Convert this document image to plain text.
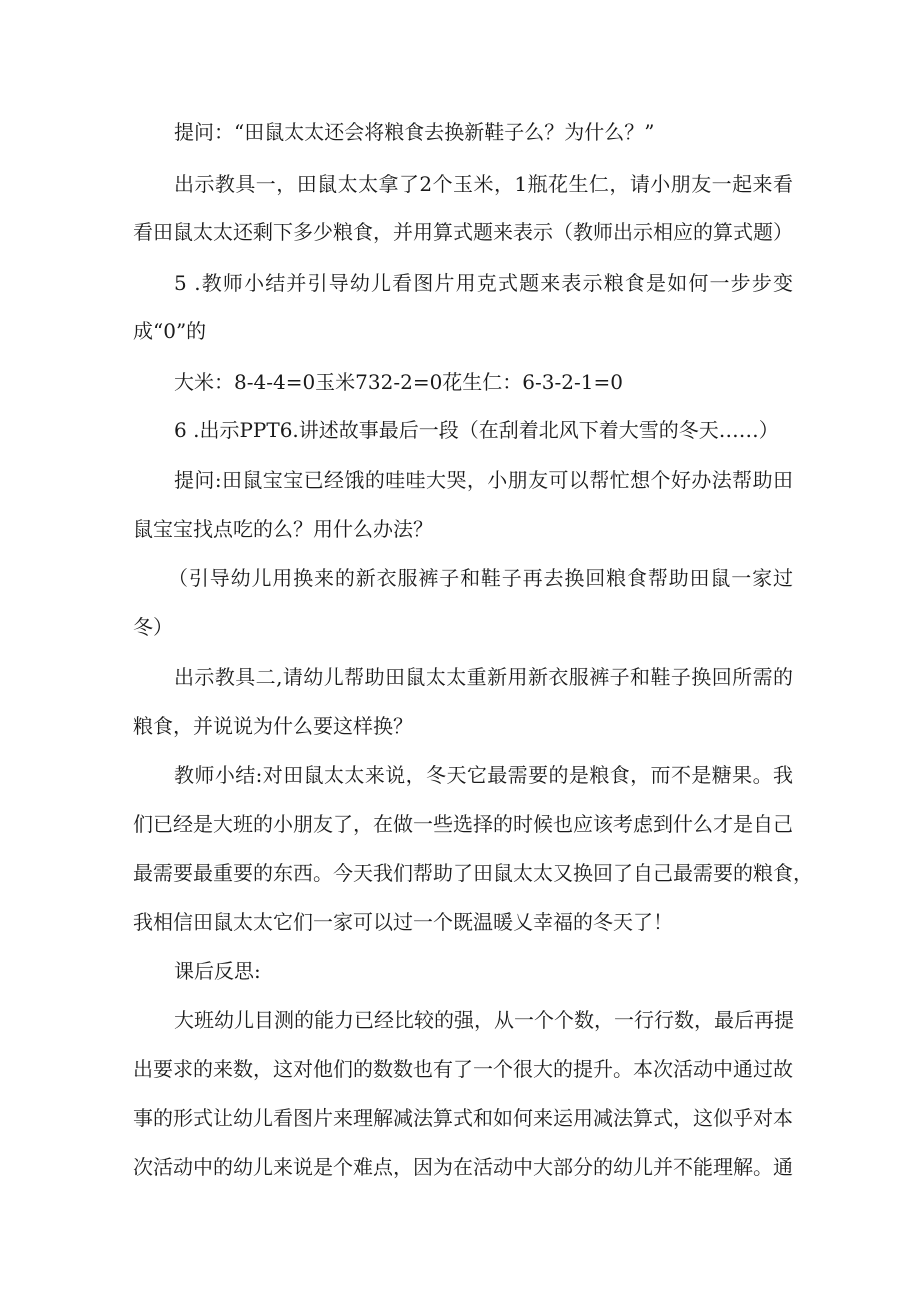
提问：“田鼠太太还会将粮食去换新鞋子么？为什么？”
出示教具一，田鼠太太拿了2个玉米，1瓶花生仁，请小朋友一起来看
看田鼠太太还剩下多少粮食，并用算式题来表示（教师出示相应的算式题）
5 .教师小结并引导幼儿看图片用克式题来表示粮食是如何一步步变
成“0”的
大米：8-4-4=0玉米732-2=0花生仁：6-3-2-1=0
6 .出示PPT6.讲述故事最后一段（在刮着北风下着大雪的冬天……）
提问:田鼠宝宝已经饿的哇哇大哭，小朋友可以帮忙想个好办法帮助田
鼠宝宝找点吃的么？用什么办法？
（引导幼儿用换来的新衣服裤子和鞋子再去换回粮食帮助田鼠一家过
冬）
出示教具二,请幼儿帮助田鼠太太重新用新衣服裤子和鞋子换回所需的
粮食，并说说为什么要这样换？
教师小结:对田鼠太太来说，冬天它最需要的是粮食，而不是糖果。我
们已经是大班的小朋友了，在做一些选择的时候也应该考虑到什么才是自己
最需要最重要的东西。今天我们帮助了田鼠太太又换回了自己最需要的粮食，
我相信田鼠太太它们一家可以过一个既温暖乂幸福的冬天了！
课后反思:
大班幼儿目测的能力已经比较的强，从一个个数，一行行数，最后再提
出要求的来数，这对他们的数数也有了一个很大的提升。本次活动中通过故
事的形式让幼儿看图片来理解减法算式和如何来运用减法算式，这似乎对本
次活动中的幼儿来说是个难点，因为在活动中大部分的幼儿并不能理解。通
